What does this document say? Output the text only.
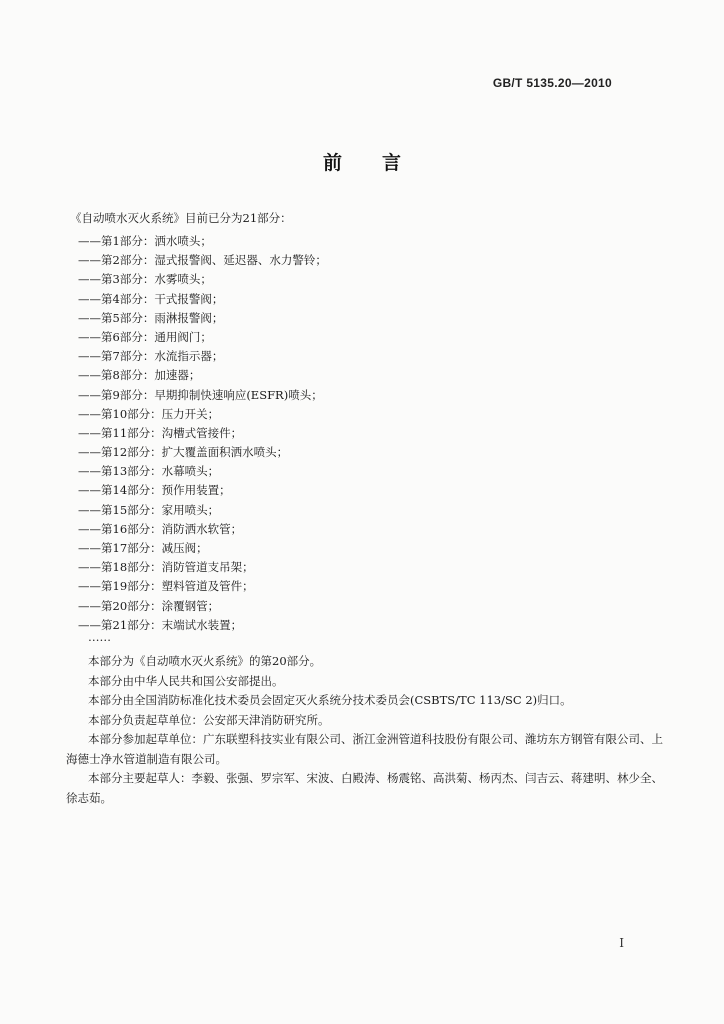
GB/T 5135.20—2010
前言
《自动喷水灭火系统》目前已分为21部分：
——第1部分：洒水喷头；
——第2部分：湿式报警阀、延迟器、水力警铃；
——第3部分：水雾喷头；
——第4部分：干式报警阀；
——第5部分：雨淋报警阀；
——第6部分：通用阀门；
——第7部分：水流指示器；
——第8部分：加速器；
——第9部分：早期抑制快速响应(ESFR)喷头；
——第10部分：压力开关；
——第11部分：沟槽式管接件；
——第12部分：扩大覆盖面积洒水喷头；
——第13部分：水幕喷头；
——第14部分：预作用装置；
——第15部分：家用喷头；
——第16部分：消防洒水软管；
——第17部分：减压阀；
——第18部分：消防管道支吊架；
——第19部分：塑料管道及管件；
——第20部分：涂覆钢管；
——第21部分：末端试水装置；
……

本部分为《自动喷水灭火系统》的第20部分。

本部分由中华人民共和国公安部提出。

本部分由全国消防标准化技术委员会固定灭火系统分技术委员会(CSBTS/TC 113/SC 2)归口。

本部分负责起草单位：公安部天津消防研究所。

本部分参加起草单位：广东联塑科技实业有限公司、浙江金洲管道科技股份有限公司、潍坊东方钢管有限公司、上海德士净水管道制造有限公司。

本部分主要起草人：李毅、张强、罗宗军、宋波、白殿涛、杨震铭、高洪菊、杨丙杰、闫吉云、蒋建明、林少全、徐志茹。

I
